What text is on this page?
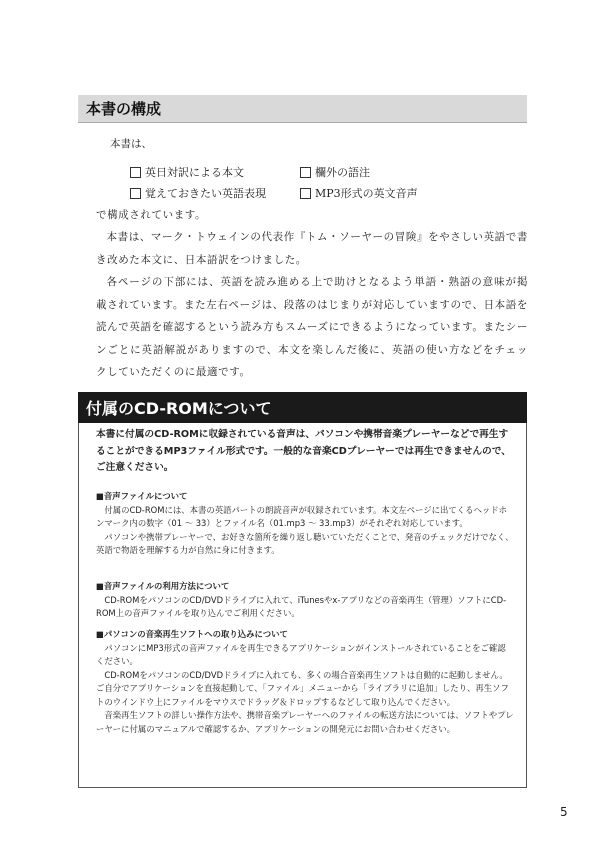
本書の構成
本書は、
英日対訳による本文	欄外の語注
覚えておきたい英語表現	MP3形式の英文音声

で構成されています。

本書は、マーク・トウェインの代表作『トム・ソーヤーの冒険』をやさしい英語で書き改めた本文に、日本語訳をつけました。

各ページの下部には、英語を読み進める上で助けとなるよう単語・熟語の意味が掲載されています。また左右ページは、段落のはじまりが対応していますので、日本語を読んで英語を確認するという読み方もスムーズにできるようになっています。またシーンごとに英語解説がありますので、本文を楽しんだ後に、英語の使い方などをチェックしていただくのに最適です。

付属のCD-ROMについて

本書に付属のCD-ROMに収録されている音声は、パソコンや携帯音楽プレーヤーなどで再生することができるMP3ファイル形式です。一般的な音楽CDプレーヤーでは再生できませんので、ご注意ください。

■音声ファイルについて

付属のCD-ROMには、本書の英語パートの朗読音声が収録されています。本文左ページに出てくるヘッドホンマーク内の数字（01 ～ 33）とファイル名（01.mp3 ～ 33.mp3）がそれぞれ対応しています。

パソコンや携帯プレーヤーで、お好きな箇所を繰り返し聴いていただくことで、発音のチェックだけでなく、英語で物語を理解する力が自然に身に付きます。

■音声ファイルの利用方法について

CD-ROMをパソコンのCD/DVDドライブに入れて、iTunesやx-アプリなどの音楽再生（管理）ソフトにCD-ROM上の音声ファイルを取り込んでご利用ください。

■パソコンの音楽再生ソフトへの取り込みについて

パソコンにMP3形式の音声ファイルを再生できるアプリケーションがインストールされていることをご確認ください。

CD-ROMをパソコンのCD/DVDドライブに入れても、多くの場合音楽再生ソフトは自動的に起動しません。ご自分でアプリケーションを直接起動して、「ファイル」メニューから「ライブラリに追加」したり、再生ソフトのウインドウ上にファイルをマウスでドラッグ＆ドロップするなどして取り込んでください。

音楽再生ソフトの詳しい操作方法や、携帯音楽プレーヤーへのファイルの転送方法については、ソフトやプレーヤーに付属のマニュアルで確認するか、アプリケーションの開発元にお問い合わせください。

5
